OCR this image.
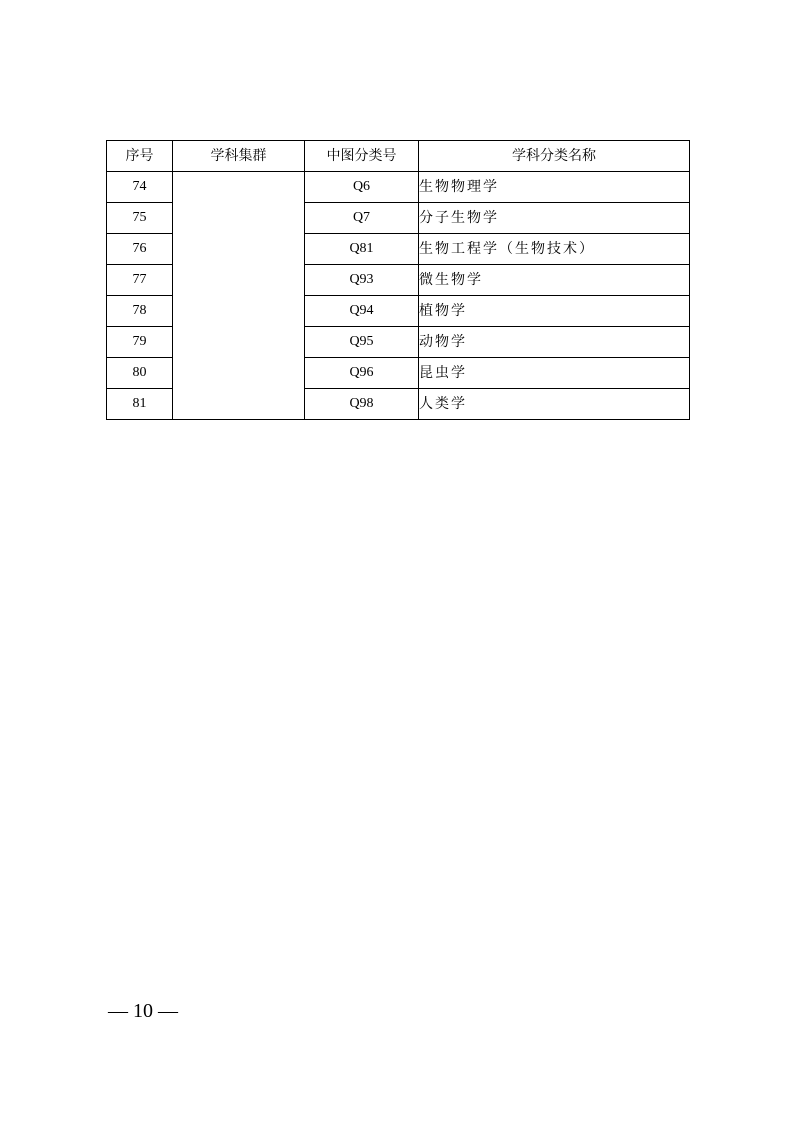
序号	学科集群	中图分类号	学科分类名称
74		Q6	生物物理学
75		Q7	分子生物学
76		Q81	生物工程学（生物技术）
77		Q93	微生物学
78		Q94	植物学
79		Q95	动物学
80		Q96	昆虫学
81		Q98	人类学
— 10 —
